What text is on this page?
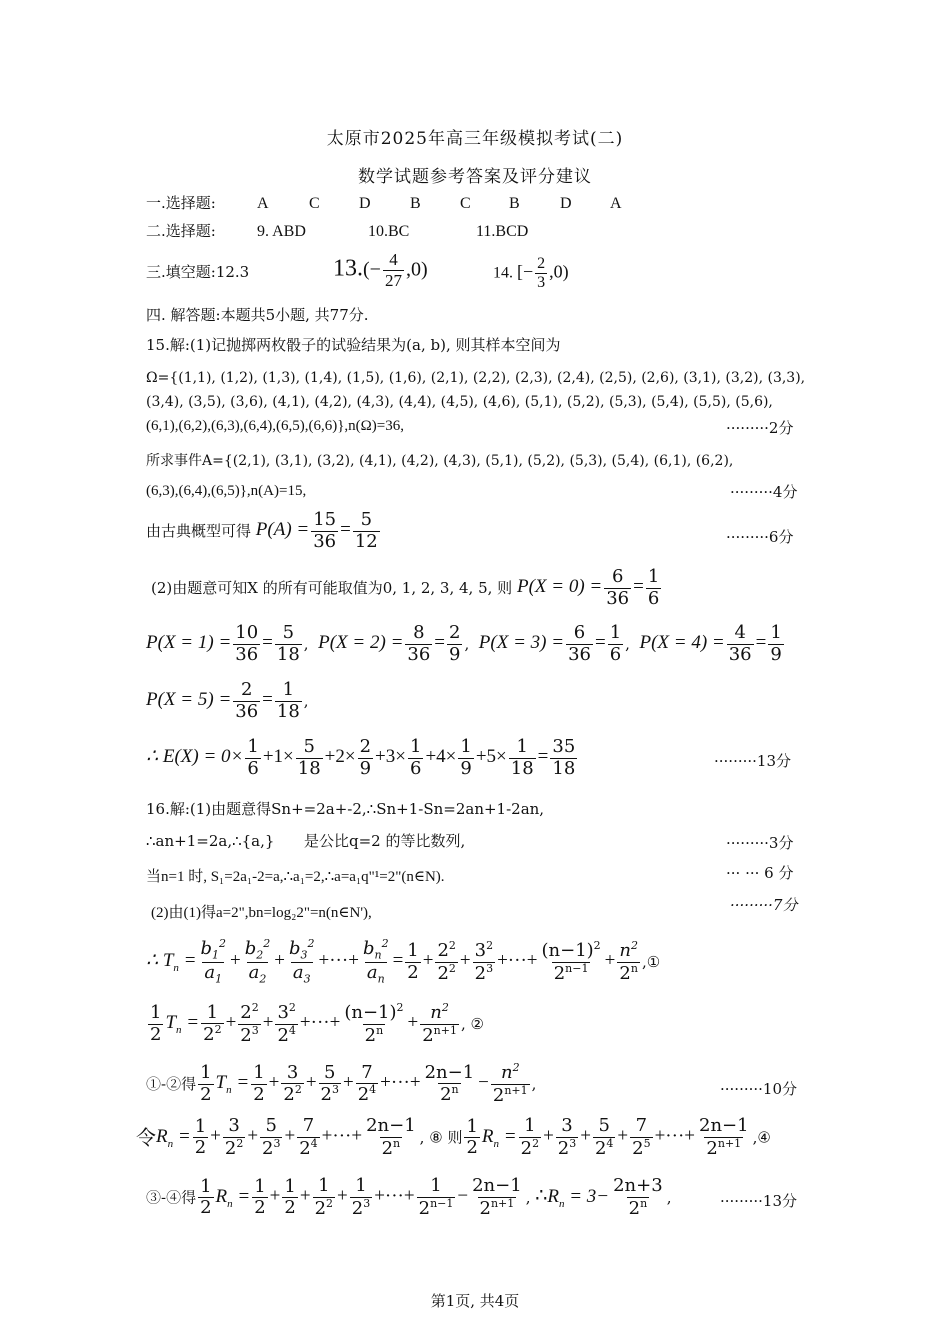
太原市2025年高三年级模拟考试(二)
数学试题参考答案及评分建议
一.选择题:	A	C D B C B	D A
二.选择题:	9. ABD	10.BC	11.BCD
三.填空题:12.3	$13.(- \frac{4}{27} ,0)$	14. [− $\frac{2}{3} ,0$)
四. 解答题:本题共5小题, 共77分.
15.解:(1)记抛掷两枚骰子的试验结果为(a, b), 则其样本空间为
Ω={(1,1), (1,2), (1,3), (1,4), (1,5), (1,6), (2,1), (2,2), (2,3), (2,4), (2,5), (2,6), (3,1), (3,2), (3,3),
(3,4), (3,5), (3,6), (4,1), (4,2), (4,3), (4,4), (4,5), (4,6), (5,1), (5,2), (5,3), (5,4), (5,5), (5,6),
(6,1),(6,2),(6,3),(6,4),(6,5),(6,6)},n(Ω)=36,	·········2分
所求事件A={(2,1), (3,1), (3,2), (4,1), (4,2), (4,3), (5,1), (5,2), (5,3), (5,4), (6,1), (6,2),
(6,3),(6,4),(6,5)},n(A)=15,	·········4分
由古典概型可得 $P(A) = \frac{15}{36} = \frac{5}{12}$	·········6分
(2)由题意可知X 的所有可能取值为0, 1, 2, 3, 4, 5, 则 $P(X = 0) = \frac{6}{36} = \frac{1}{6}$
$P(X = 1) = \frac{10}{36} = \frac{5}{18}$ ,  $P(X = 2) = \frac{8}{36} = \frac{2}{9}$ ,  $P(X = 3) = \frac{6}{36} = \frac{1}{6}$ ,  $P(X = 4) = \frac{4}{36} = \frac{1}{9}$
$P(X = 5) = \frac{2}{36} = \frac{1}{18}$ ,
∴ $E(X) = 0\times \frac{1}{6} +1\times \frac{5}{18} +2\times \frac{2}{9} +3\times \frac{1}{6} +4\times \frac{1}{9} +5\times \frac{1}{18} = \frac{35}{18}$	·········13分
16.解:(1)由题意得Sn+=2a+-2,∴Sn+1-Sn=2an+1-2an,
∴an+1=2a,∴{a,} 是公比q=2 的等比数列,	·········3分
当n=1 时, S₁=2a₁-2=a,∴a₁=2,∴a=a₁q"¹=2"(n∈N).	··· ··· 6 分
·········7分
(2)由(1)得a=2",bn=log₂2"=n(n∈N'),
∴ $T_n = \frac{b_1^2}{a_1} + \frac{b_2^2}{a_2} + \frac{b_3^2}{a_3}$ +···+ $\frac{b_n^2}{a_n} = \frac{1}{2} + \frac{2^2}{2^2} + \frac{3^2}{2^3}$ +···+ $\frac{(n-1)^2}{2^{n-1}} + \frac{n^2}{2^n}$ ,①
$\frac{1}{2} T_n = \frac{1}{2^2} + \frac{2^2}{2^3} + \frac{3^2}{2^4}$ +···+ $\frac{(n-1)^2}{2^n} + \frac{n^2}{2^{n+1}}$ , ②
①-②得 $\frac{1}{2} T_n = \frac{1}{2} + \frac{3}{2^2} + \frac{5}{2^3} + \frac{7}{2^4}$ +···+ $\frac{2n-1}{2^n} - \frac{n^2}{2^{n+1}}$ ,	·········10分
令$R_n = \frac{1}{2} + \frac{3}{2^2} + \frac{5}{2^3} + \frac{7}{2^4}$ +···+ $\frac{2n-1}{2^n}$ , ⑧ 则 $\frac{1}{2} R_n = \frac{1}{2^2} + \frac{3}{2^3} + \frac{5}{2^4} + \frac{7}{2^5}$ +···+ $\frac{2n-1}{2^{n+1}}$ ,④
③-④得 $\frac{1}{2} R_n = \frac{1}{2} + \frac{1}{2} + \frac{1}{2^2} + \frac{1}{2^3}$ +···+ $\frac{1}{2^{n-1}} - \frac{2n-1}{2^{n+1}}$ , $\therefore R_n = 3- \frac{2n+3}{2^n}$ ,	·········13分
第1页, 共4页
